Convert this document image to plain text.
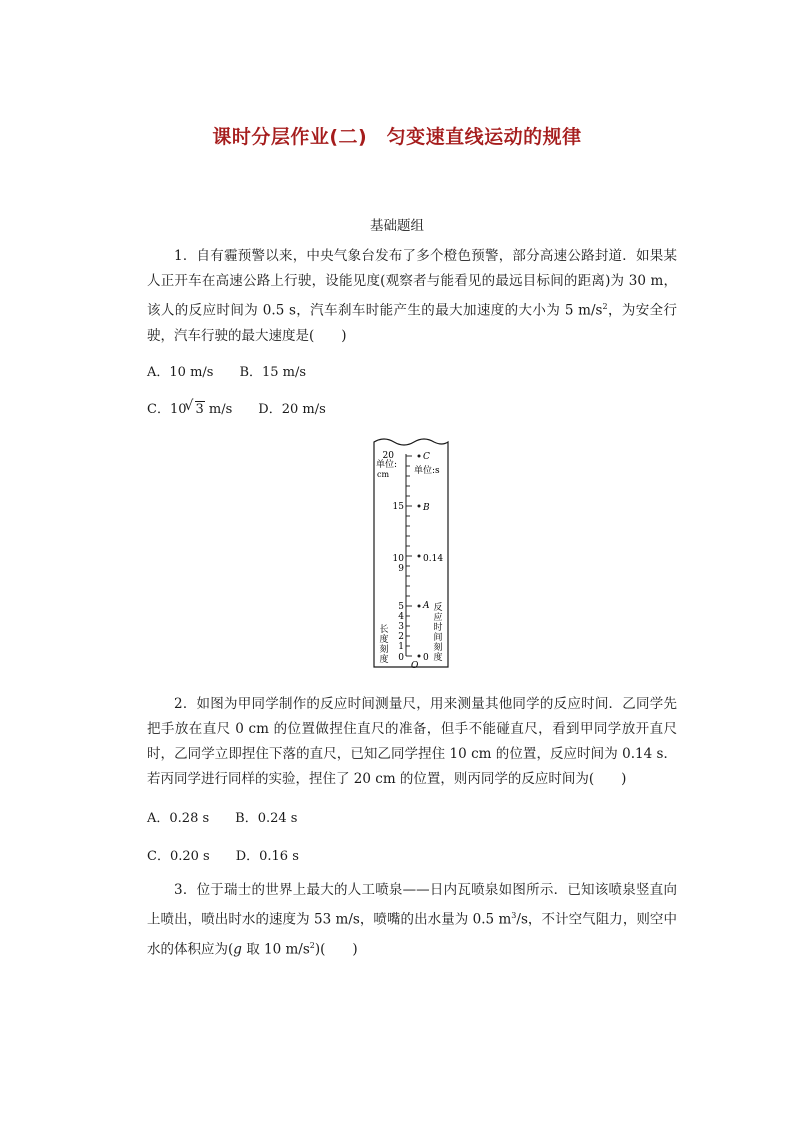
课时分层作业(二)　匀变速直线运动的规律
基础题组
1．自有霾预警以来，中央气象台发布了多个橙色预警，部分高速公路封道．如果某人正开车在高速公路上行驶，设能见度(观察者与能看见的最远目标间的距离)为 30 m，该人的反应时间为 0.5 s，汽车刹车时能产生的最大加速度的大小为 5 $m/s^2$，为安全行驶，汽车行驶的最大速度是(　　)
A．10 m/s B．15 m/s
C．10√ 3 m/s D．20 m/s
20
15
10
9
5
4
3
2
1
0
单位:
cm	单位:s
C
B
0.14
A
0
O
长
度
刻
度
反
应
时
间
刻
度
2．如图为甲同学制作的反应时间测量尺，用来测量其他同学的反应时间．乙同学先把手放在直尺 0 cm 的位置做捏住直尺的准备，但手不能碰直尺，看到甲同学放开直尺时，乙同学立即捏住下落的直尺，已知乙同学捏住 10 cm 的位置，反应时间为 0.14 s．若丙同学进行同样的实验，捏住了 20 cm 的位置，则丙同学的反应时间为(　　)
A．0.28 s B．0.24 s
C．0.20 s D．0.16 s
3．位于瑞士的世界上最大的人工喷泉——日内瓦喷泉如图所示．已知该喷泉竖直向上喷出，喷出时水的速度为 53 m/s，喷嘴的出水量为 0.5 $m^3/s$，不计空气阻力，则空中水的体积应为(g 取 10 $m/s^2$)(　　)
